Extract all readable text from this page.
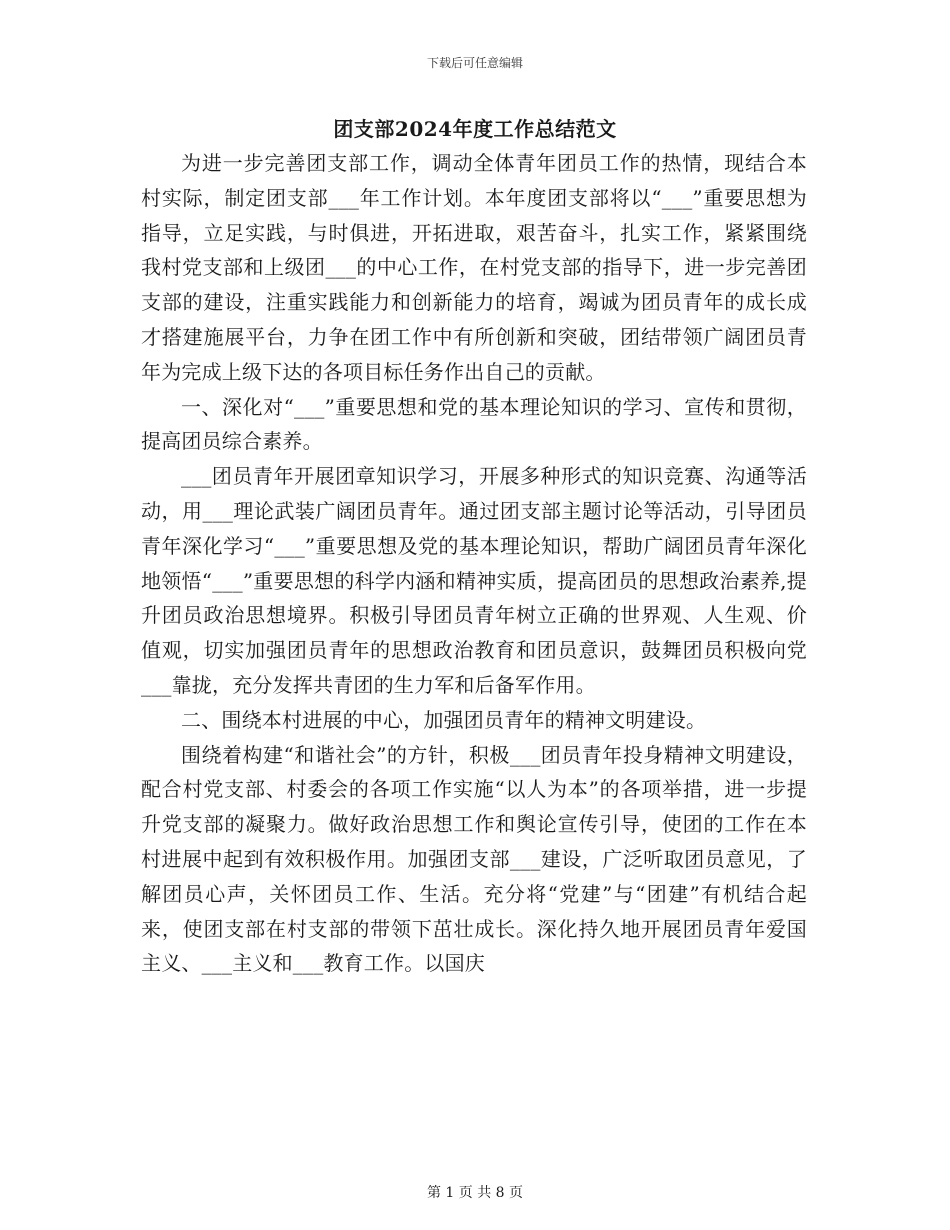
下载后可任意编辑
团支部2024年度工作总结范文

为进一步完善团支部工作，调动全体青年团员工作的热情，现结合本村实际，制定团支部___年工作计划。本年度团支部将以“___”重要思想为指导，立足实践，与时俱进，开拓进取，艰苦奋斗，扎实工作，紧紧围绕我村党支部和上级团___的中心工作，在村党支部的指导下，进一步完善团支部的建设，注重实践能力和创新能力的培育，竭诚为团员青年的成长成才搭建施展平台，力争在团工作中有所创新和突破，团结带领广阔团员青年为完成上级下达的各项目标任务作出自己的贡献。

一、深化对“___”重要思想和党的基本理论知识的学习、宣传和贯彻，提高团员综合素养。

___团员青年开展团章知识学习，开展多种形式的知识竞赛、沟通等活动，用___理论武装广阔团员青年。通过团支部主题讨论等活动，引导团员青年深化学习“___”重要思想及党的基本理论知识，帮助广阔团员青年深化地领悟“___”重要思想的科学内涵和精神实质，提高团员的思想政治素养,提升团员政治思想境界。积极引导团员青年树立正确的世界观、人生观、价值观，切实加强团员青年的思想政治教育和团员意识，鼓舞团员积极向党___靠拢，充分发挥共青团的生力军和后备军作用。

二、围绕本村进展的中心，加强团员青年的精神文明建设。

围绕着构建“和谐社会”的方针，积极___团员青年投身精神文明建设，配合村党支部、村委会的各项工作实施“以人为本”的各项举措，进一步提升党支部的凝聚力。做好政治思想工作和舆论宣传引导，使团的工作在本村进展中起到有效积极作用。加强团支部___建设，广泛听取团员意见，了解团员心声，关怀团员工作、生活。充分将“党建”与“团建”有机结合起来，使团支部在村支部的带领下茁壮成长。深化持久地开展团员青年爱国主义、___主义和___教育工作。以国庆

第 1 页 共 8 页
